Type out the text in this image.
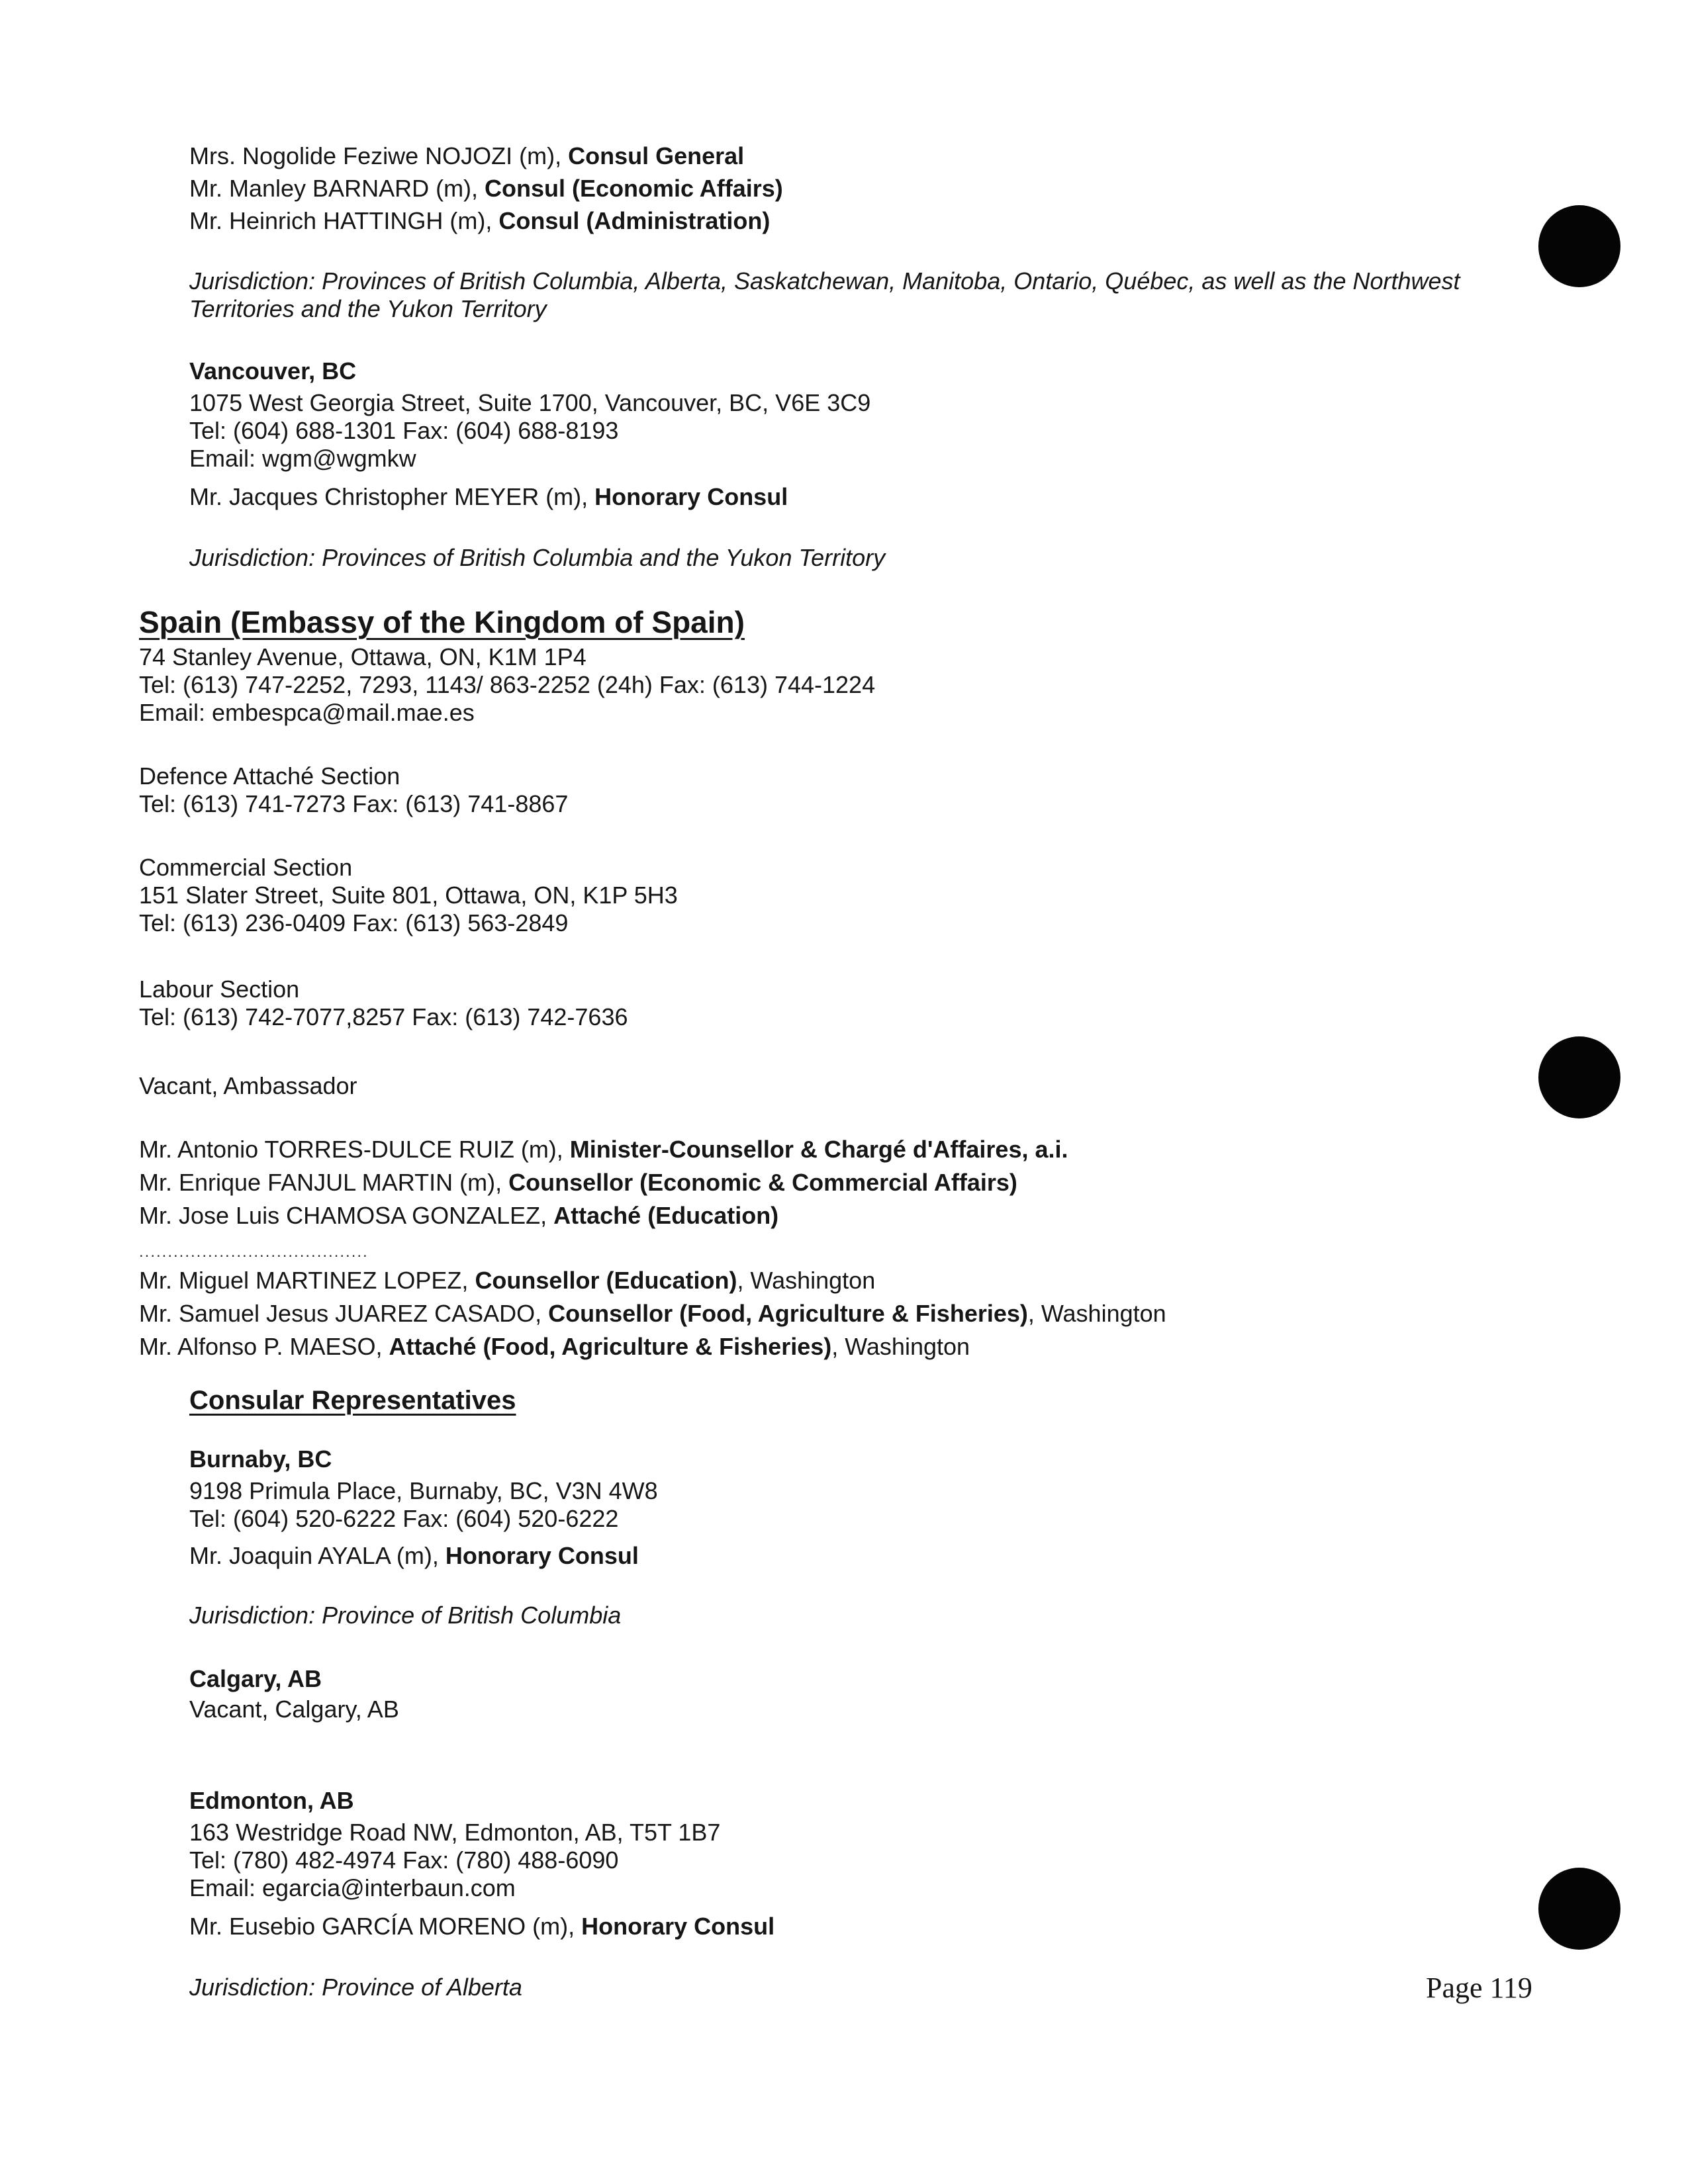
Mrs. Nogolide Feziwe NOJOZI (m), Consul General
Mr. Manley BARNARD (m), Consul (Economic Affairs)
Mr. Heinrich HATTINGH (m), Consul (Administration)
Jurisdiction: Provinces of British Columbia, Alberta, Saskatchewan, Manitoba, Ontario, Québec, as well as the Northwest
Territories and the Yukon Territory
Vancouver, BC
1075 West Georgia Street, Suite 1700, Vancouver, BC, V6E 3C9
Tel: (604) 688-1301 Fax: (604) 688-8193
Email: wgm@wgmkw
Mr. Jacques Christopher MEYER (m), Honorary Consul
Jurisdiction: Provinces of British Columbia and the Yukon Territory
Spain (Embassy of the Kingdom of Spain)
74 Stanley Avenue, Ottawa, ON, K1M 1P4
Tel: (613) 747-2252, 7293, 1143/ 863-2252 (24h) Fax: (613) 744-1224
Email: embespca@mail.mae.es
Defence Attaché Section
Tel: (613) 741-7273 Fax: (613) 741-8867
Commercial Section
151 Slater Street, Suite 801, Ottawa, ON, K1P 5H3
Tel: (613) 236-0409 Fax: (613) 563-2849
Labour Section
Tel: (613) 742-7077,8257 Fax: (613) 742-7636
Vacant, Ambassador
Mr. Antonio TORRES-DULCE RUIZ (m), Minister-Counsellor & Chargé d'Affaires, a.i.
Mr. Enrique FANJUL MARTIN (m), Counsellor (Economic & Commercial Affairs)
Mr. Jose Luis CHAMOSA GONZALEZ, Attaché (Education)
........................................
Mr. Miguel MARTINEZ LOPEZ, Counsellor (Education), Washington
Mr. Samuel Jesus JUAREZ CASADO, Counsellor (Food, Agriculture & Fisheries), Washington
Mr. Alfonso P. MAESO, Attaché (Food, Agriculture & Fisheries), Washington
Consular Representatives
Burnaby, BC
9198 Primula Place, Burnaby, BC, V3N 4W8
Tel: (604) 520-6222 Fax: (604) 520-6222
Mr. Joaquin AYALA (m), Honorary Consul
Jurisdiction: Province of British Columbia
Calgary, AB
Vacant, Calgary, AB
Edmonton, AB
163 Westridge Road NW, Edmonton, AB, T5T 1B7
Tel: (780) 482-4974 Fax: (780) 488-6090
Email: egarcia@interbaun.com
Mr. Eusebio GARCÍA MORENO (m), Honorary Consul
Jurisdiction: Province of Alberta	Page 119
